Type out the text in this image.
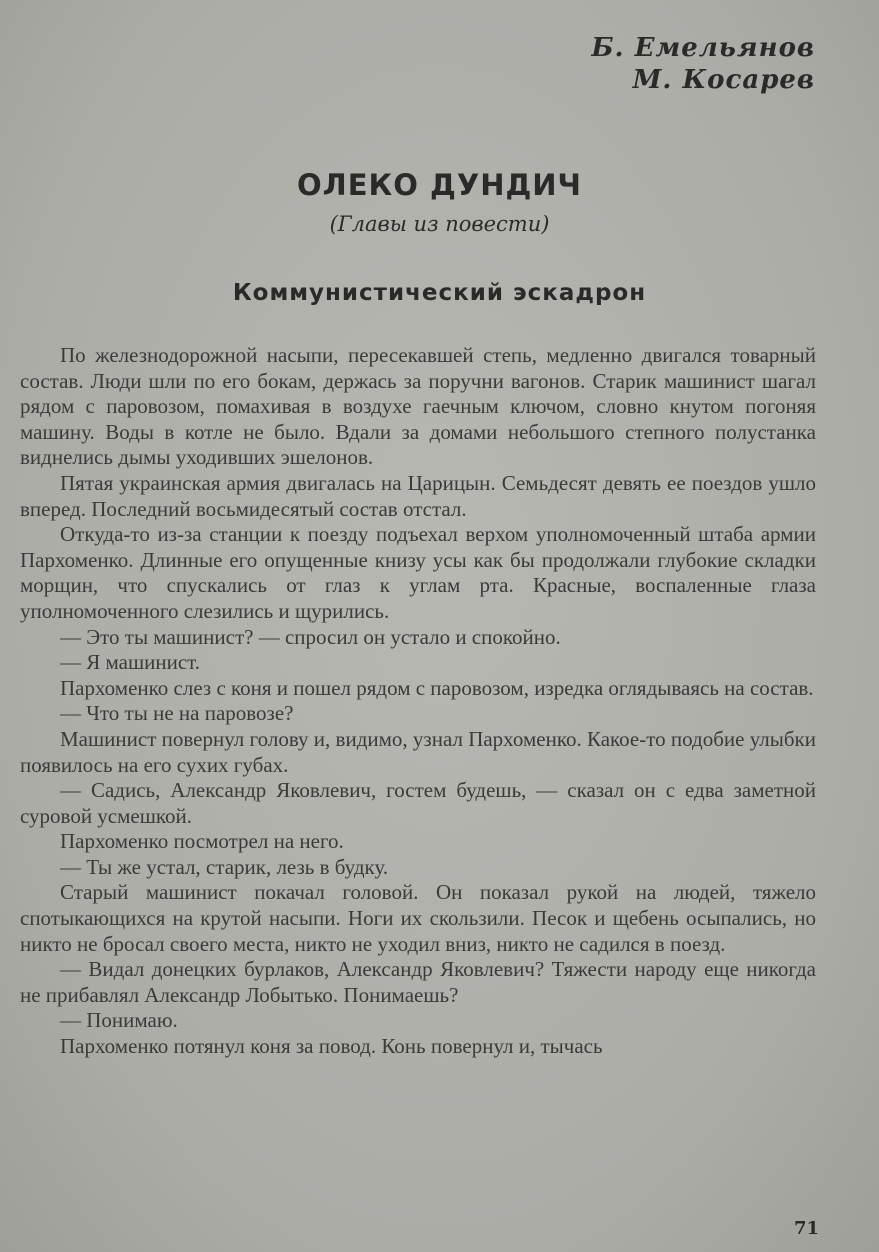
Б. Емельянов
М. Косарев
ОЛЕКО ДУНДИЧ
(Главы из повести)
Коммунистический эскадрон

По железнодорожной насыпи, пересекавшей степь, медленно двигался товарный состав. Люди шли по его бокам, держась за поручни вагонов. Старик машинист шагал рядом с паровозом, помахивая в воздухе гаечным ключом, словно кнутом погоняя машину. Воды в котле не было. Вдали за домами небольшого степного полустанка виднелись дымы уходивших эшелонов.

Пятая украинская армия двигалась на Царицын. Семьдесят девять ее поездов ушло вперед. Последний восьмидесятый состав отстал.

Откуда-то из-за станции к поезду подъехал верхом уполномоченный штаба армии Пархоменко. Длинные его опущенные книзу усы как бы продолжали глубокие складки морщин, что спускались от глаз к углам рта. Красные, воспаленные глаза уполномоченного слезились и щурились.

— Это ты машинист? — спросил он устало и спокойно.

— Я машинист.

Пархоменко слез с коня и пошел рядом с паровозом, изредка оглядываясь на состав.

— Что ты не на паровозе?

Машинист повернул голову и, видимо, узнал Пархоменко. Какое-то подобие улыбки появилось на его сухих губах.

— Садись, Александр Яковлевич, гостем будешь, — сказал он с едва заметной суровой усмешкой.

Пархоменко посмотрел на него.

— Ты же устал, старик, лезь в будку.

Старый машинист покачал головой. Он показал рукой на людей, тяжело спотыкающихся на крутой насыпи. Ноги их скользили. Песок и щебень осыпались, но никто не бросал своего места, никто не уходил вниз, никто не садился в поезд.

— Видал донецких бурлаков, Александр Яковлевич? Тяжести народу еще никогда не прибавлял Александр Лобытько. Понимаешь?

— Понимаю.

Пархоменко потянул коня за повод. Конь повернул и, тычась

71
